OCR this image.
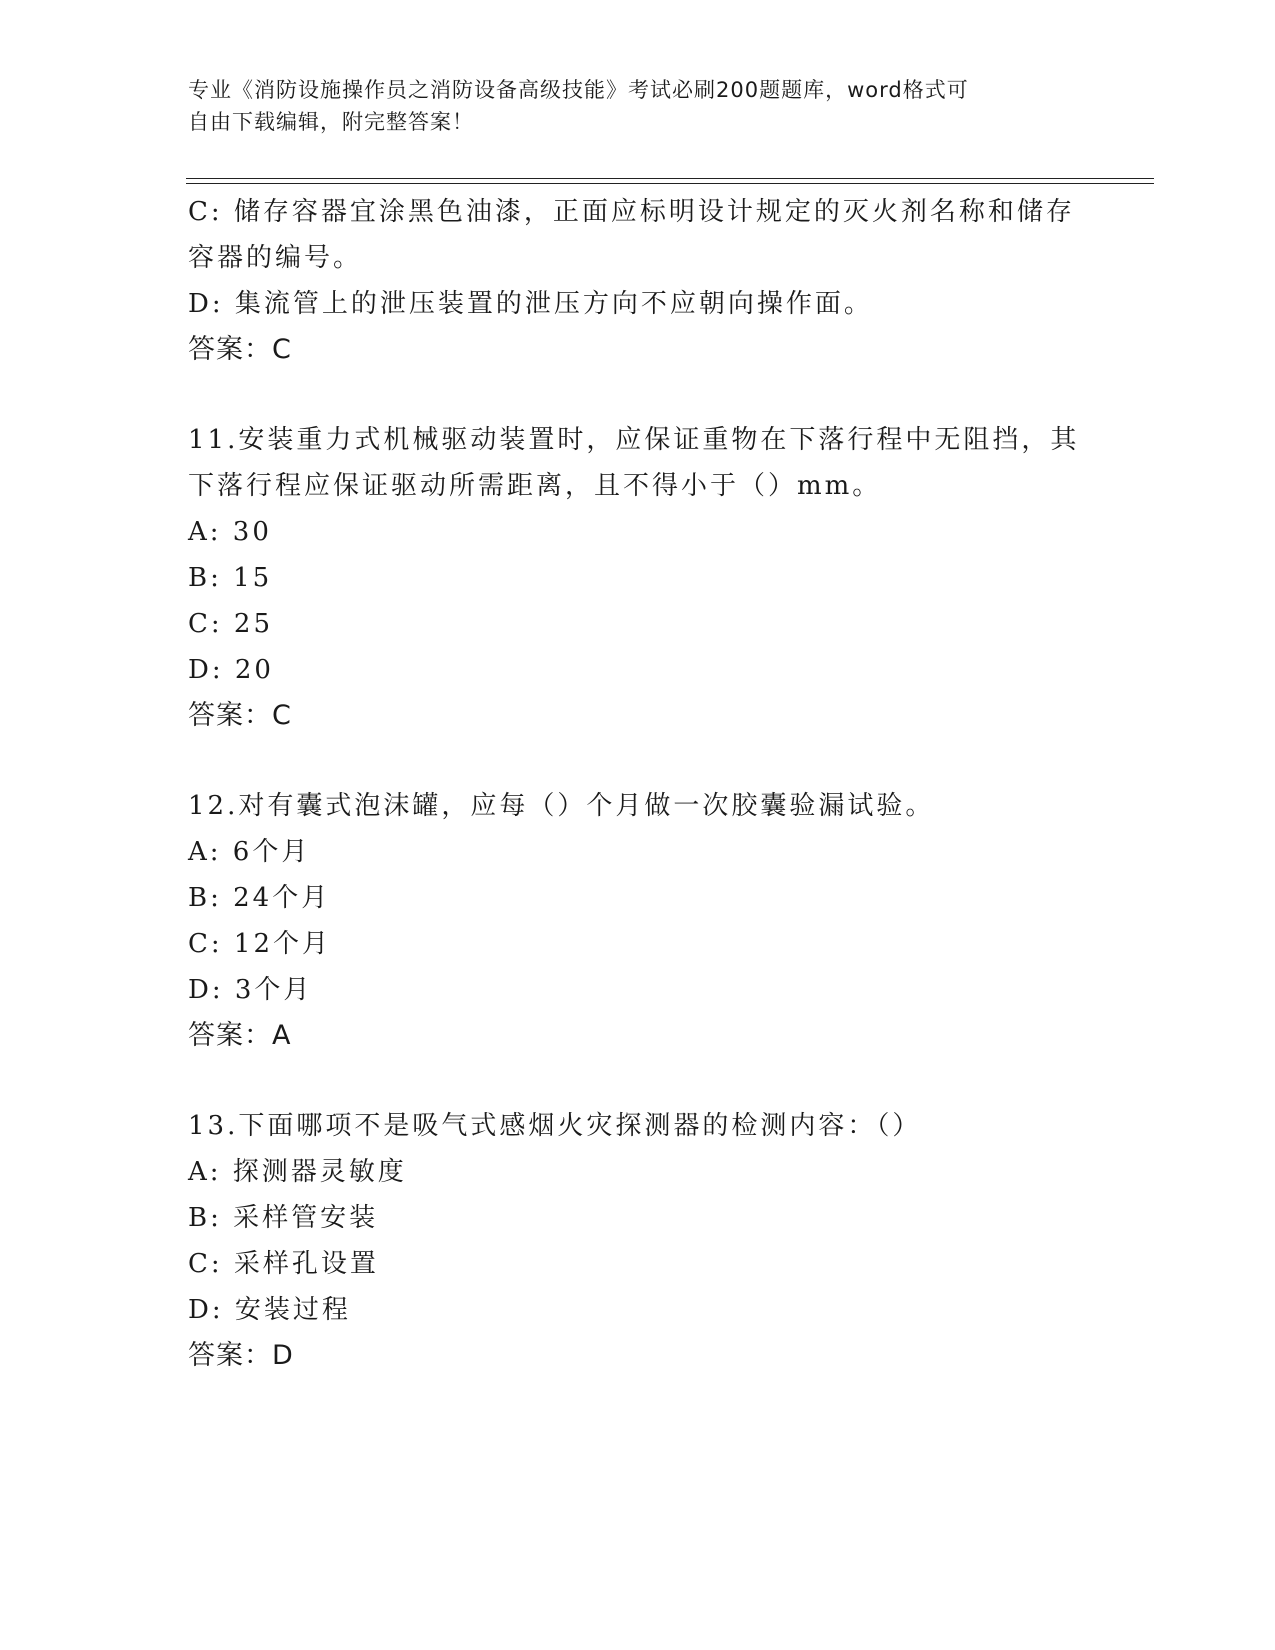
专业《消防设施操作员之消防设备高级技能》考试必刷200题题库，word格式可
自由下载编辑，附完整答案！
C: 储存容器宜涂黑色油漆，正面应标明设计规定的灭火剂名称和储存
容器的编号。
D: 集流管上的泄压装置的泄压方向不应朝向操作面。
答案：C
11.安装重力式机械驱动装置时，应保证重物在下落行程中无阻挡，其
下落行程应保证驱动所需距离，且不得小于（）mm。
A: 30
B: 15
C: 25
D: 20
答案：C
12.对有囊式泡沫罐，应每（）个月做一次胶囊验漏试验。
A: 6个月
B: 24个月
C: 12个月
D: 3个月
答案：A
13.下面哪项不是吸气式感烟火灾探测器的检测内容：（）
A: 探测器灵敏度
B: 采样管安装
C: 采样孔设置
D: 安装过程
答案：D
